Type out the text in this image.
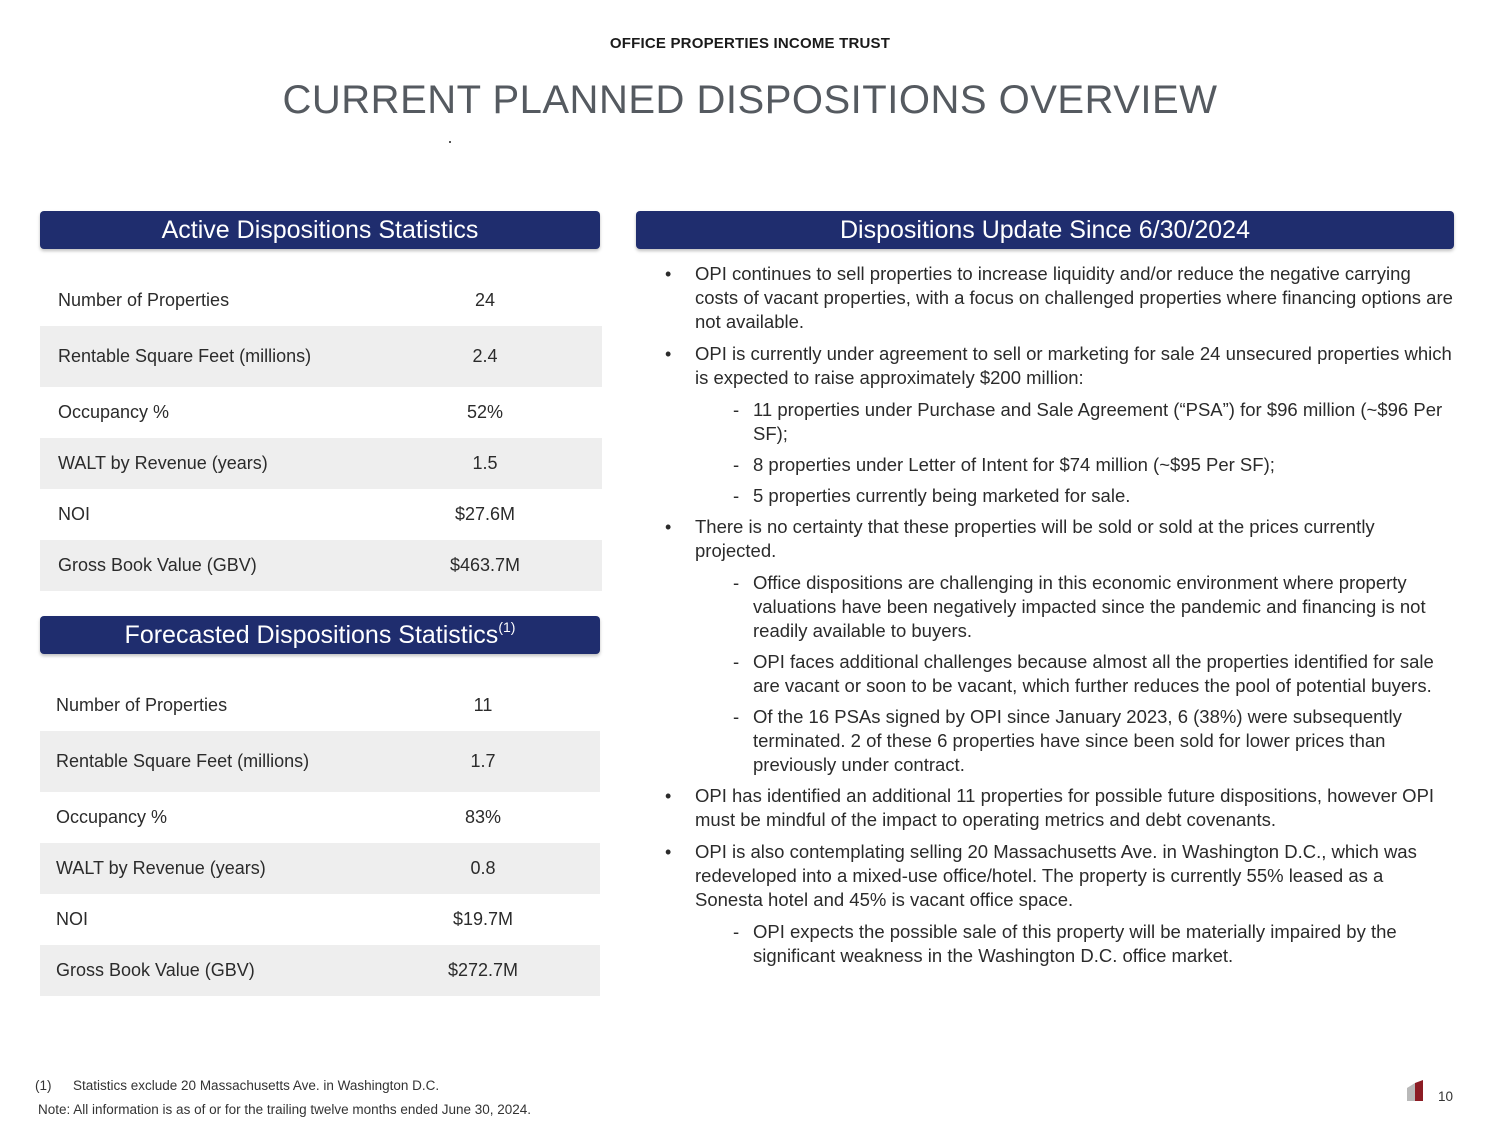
OFFICE PROPERTIES INCOME TRUST
CURRENT PLANNED DISPOSITIONS OVERVIEW
Active Dispositions Statistics
Number of Properties	24
Rentable Square Feet (millions)	2.4
Occupancy %	52%
WALT by Revenue (years)	1.5
NOI	$27.6M
Gross Book Value (GBV)	$463.7M
Forecasted Dispositions Statistics$^{(1)}$
Number of Properties	11
Rentable Square Feet (millions)	1.7
Occupancy %	83%
WALT by Revenue (years)	0.8
NOI	$19.7M
Gross Book Value (GBV)	$272.7M
Dispositions Update Since 6/30/2024
• OPI continues to sell properties to increase liquidity and/or reduce the negative carrying costs of vacant properties, with a focus on challenged properties where financing options are not available.
• OPI is currently under agreement to sell or marketing for sale 24 unsecured properties which is expected to raise approximately $200 million:
- 11 properties under Purchase and Sale Agreement (“PSA”) for $96 million (~$96 Per SF);
- 8 properties under Letter of Intent for $74 million (~$95 Per SF);
- 5 properties currently being marketed for sale.
• There is no certainty that these properties will be sold or sold at the prices currently projected.
- Office dispositions are challenging in this economic environment where property valuations have been negatively impacted since the pandemic and financing is not readily available to buyers.
- OPI faces additional challenges because almost all the properties identified for sale are vacant or soon to be vacant, which further reduces the pool of potential buyers.
- Of the 16 PSAs signed by OPI since January 2023, 6 (38%) were subsequently terminated. 2 of these 6 properties have since been sold for lower prices than previously under contract.
• OPI has identified an additional 11 properties for possible future dispositions, however OPI must be mindful of the impact to operating metrics and debt covenants.
• OPI is also contemplating selling 20 Massachusetts Ave. in Washington D.C., which was redeveloped into a mixed-use office/hotel. The property is currently 55% leased as a Sonesta hotel and 45% is vacant office space.
- OPI expects the possible sale of this property will be materially impaired by the significant weakness in the Washington D.C. office market.
(1) Statistics exclude 20 Massachusetts Ave. in Washington D.C.
Note: All information is as of or for the trailing twelve months ended June 30, 2024.
10
